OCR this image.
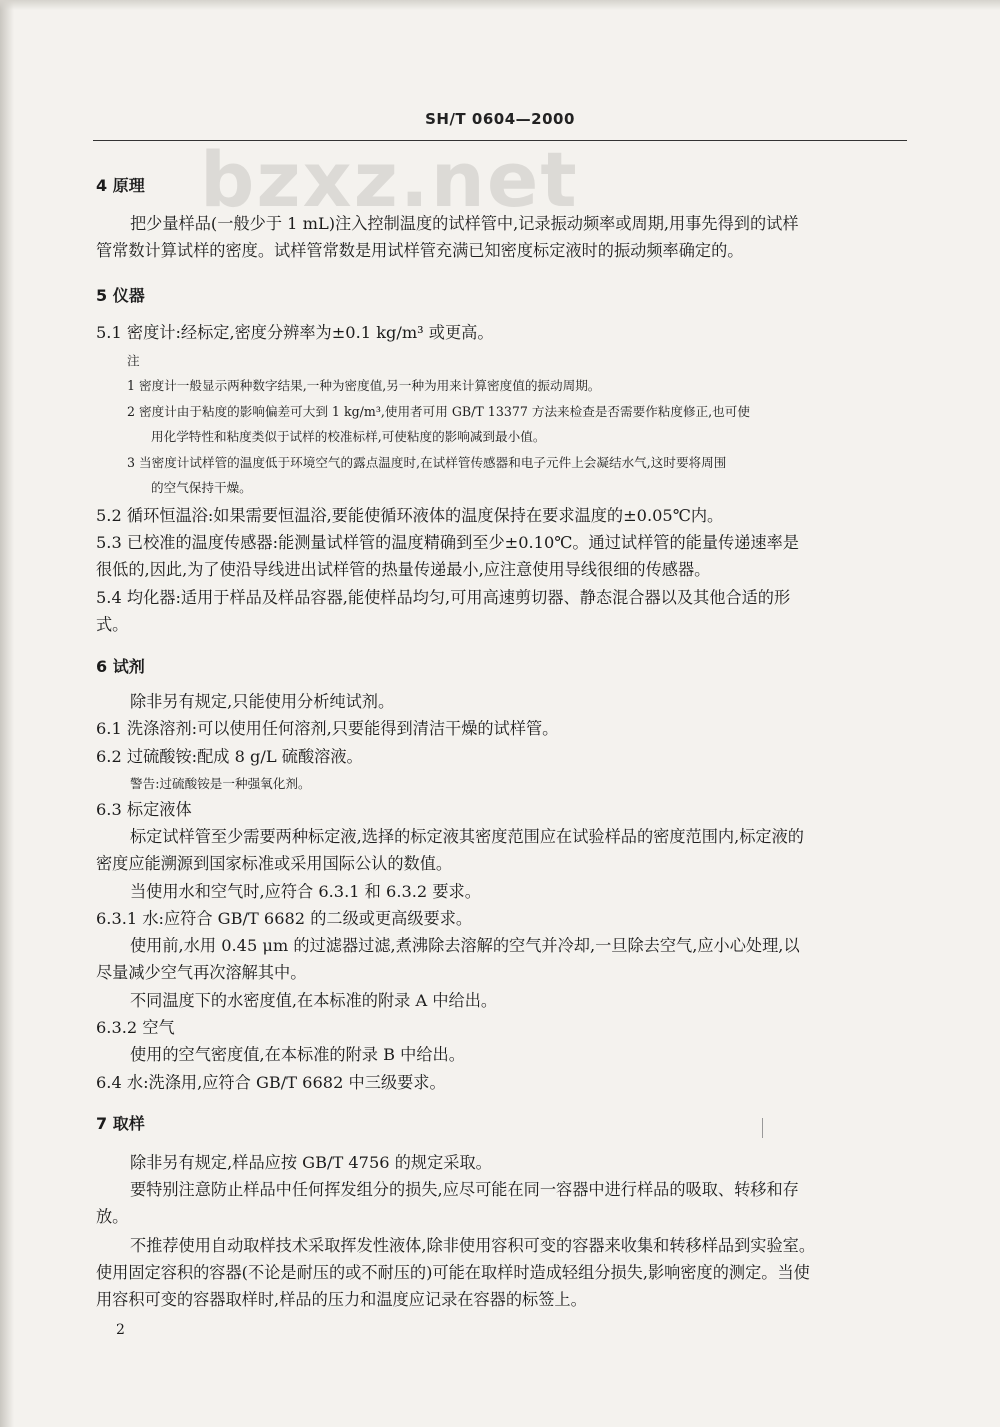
SH/T 0604—2000
bzxz.net
4 原理
把少量样品(一般少于 1 mL)注入控制温度的试样管中,记录振动频率或周期,用事先得到的试样
管常数计算试样的密度。试样管常数是用试样管充满已知密度标定液时的振动频率确定的。
5 仪器
5.1 密度计:经标定,密度分辨率为±0.1 kg/m³ 或更高。
注
1 密度计一般显示两种数字结果,一种为密度值,另一种为用来计算密度值的振动周期。
2 密度计由于粘度的影响偏差可大到 1 kg/m³,使用者可用 GB/T 13377 方法来检查是否需要作粘度修正,也可使
用化学特性和粘度类似于试样的校准标样,可使粘度的影响减到最小值。
3 当密度计试样管的温度低于环境空气的露点温度时,在试样管传感器和电子元件上会凝结水气,这时要将周围
的空气保持干燥。
5.2 循环恒温浴:如果需要恒温浴,要能使循环液体的温度保持在要求温度的±0.05℃内。
5.3 已校准的温度传感器:能测量试样管的温度精确到至少±0.10℃。通过试样管的能量传递速率是
很低的,因此,为了使沿导线进出试样管的热量传递最小,应注意使用导线很细的传感器。
5.4 均化器:适用于样品及样品容器,能使样品均匀,可用高速剪切器、静态混合器以及其他合适的形
式。
6 试剂
除非另有规定,只能使用分析纯试剂。
6.1 洗涤溶剂:可以使用任何溶剂,只要能得到清洁干燥的试样管。
6.2 过硫酸铵:配成 8 g/L 硫酸溶液。
警告:过硫酸铵是一种强氧化剂。
6.3 标定液体
标定试样管至少需要两种标定液,选择的标定液其密度范围应在试验样品的密度范围内,标定液的
密度应能溯源到国家标准或采用国际公认的数值。
当使用水和空气时,应符合 6.3.1 和 6.3.2 要求。
6.3.1 水:应符合 GB/T 6682 的二级或更高级要求。
使用前,水用 0.45 μm 的过滤器过滤,煮沸除去溶解的空气并冷却,一旦除去空气,应小心处理,以
尽量减少空气再次溶解其中。
不同温度下的水密度值,在本标准的附录 A 中给出。
6.3.2 空气
使用的空气密度值,在本标准的附录 B 中给出。
6.4 水:洗涤用,应符合 GB/T 6682 中三级要求。
7 取样
除非另有规定,样品应按 GB/T 4756 的规定采取。
要特别注意防止样品中任何挥发组分的损失,应尽可能在同一容器中进行样品的吸取、转移和存
放。
不推荐使用自动取样技术采取挥发性液体,除非使用容积可变的容器来收集和转移样品到实验室。
使用固定容积的容器(不论是耐压的或不耐压的)可能在取样时造成轻组分损失,影响密度的测定。当使
用容积可变的容器取样时,样品的压力和温度应记录在容器的标签上。
2
